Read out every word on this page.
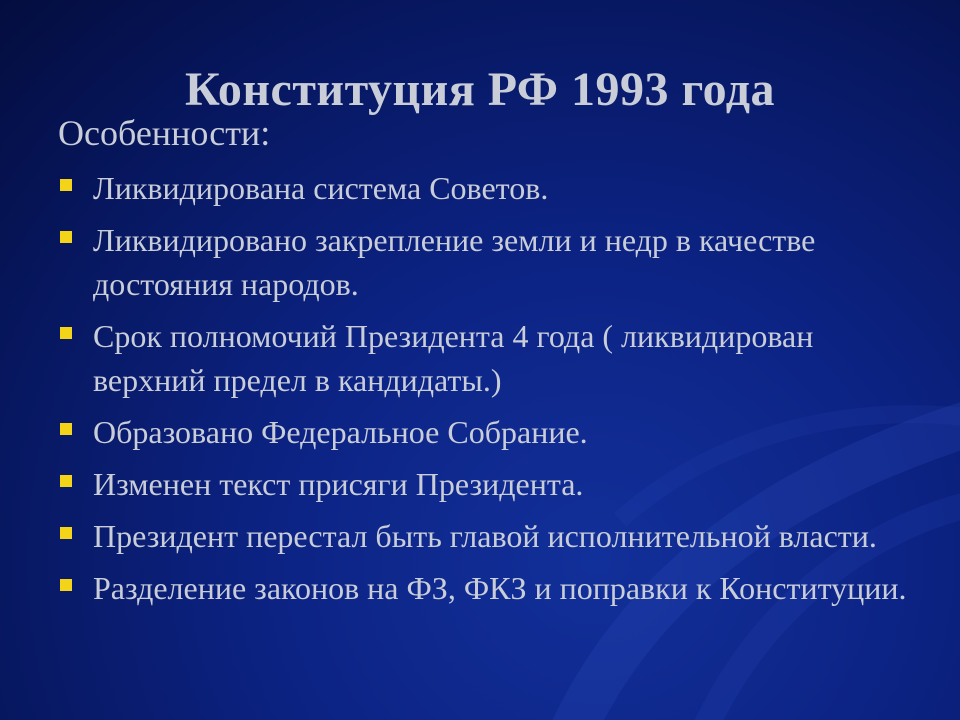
Конституция РФ 1993 года
Особенности:
Ликвидирована система Советов.
Ликвидировано закрепление земли и недр в качестве достояния народов.
Срок полномочий Президента 4 года ( ликвидирован верхний предел в кандидаты.)
Образовано Федеральное Собрание.
Изменен текст присяги Президента.
Президент перестал быть главой исполнительной власти.
Разделение законов на ФЗ, ФКЗ и поправки к Конституции.
